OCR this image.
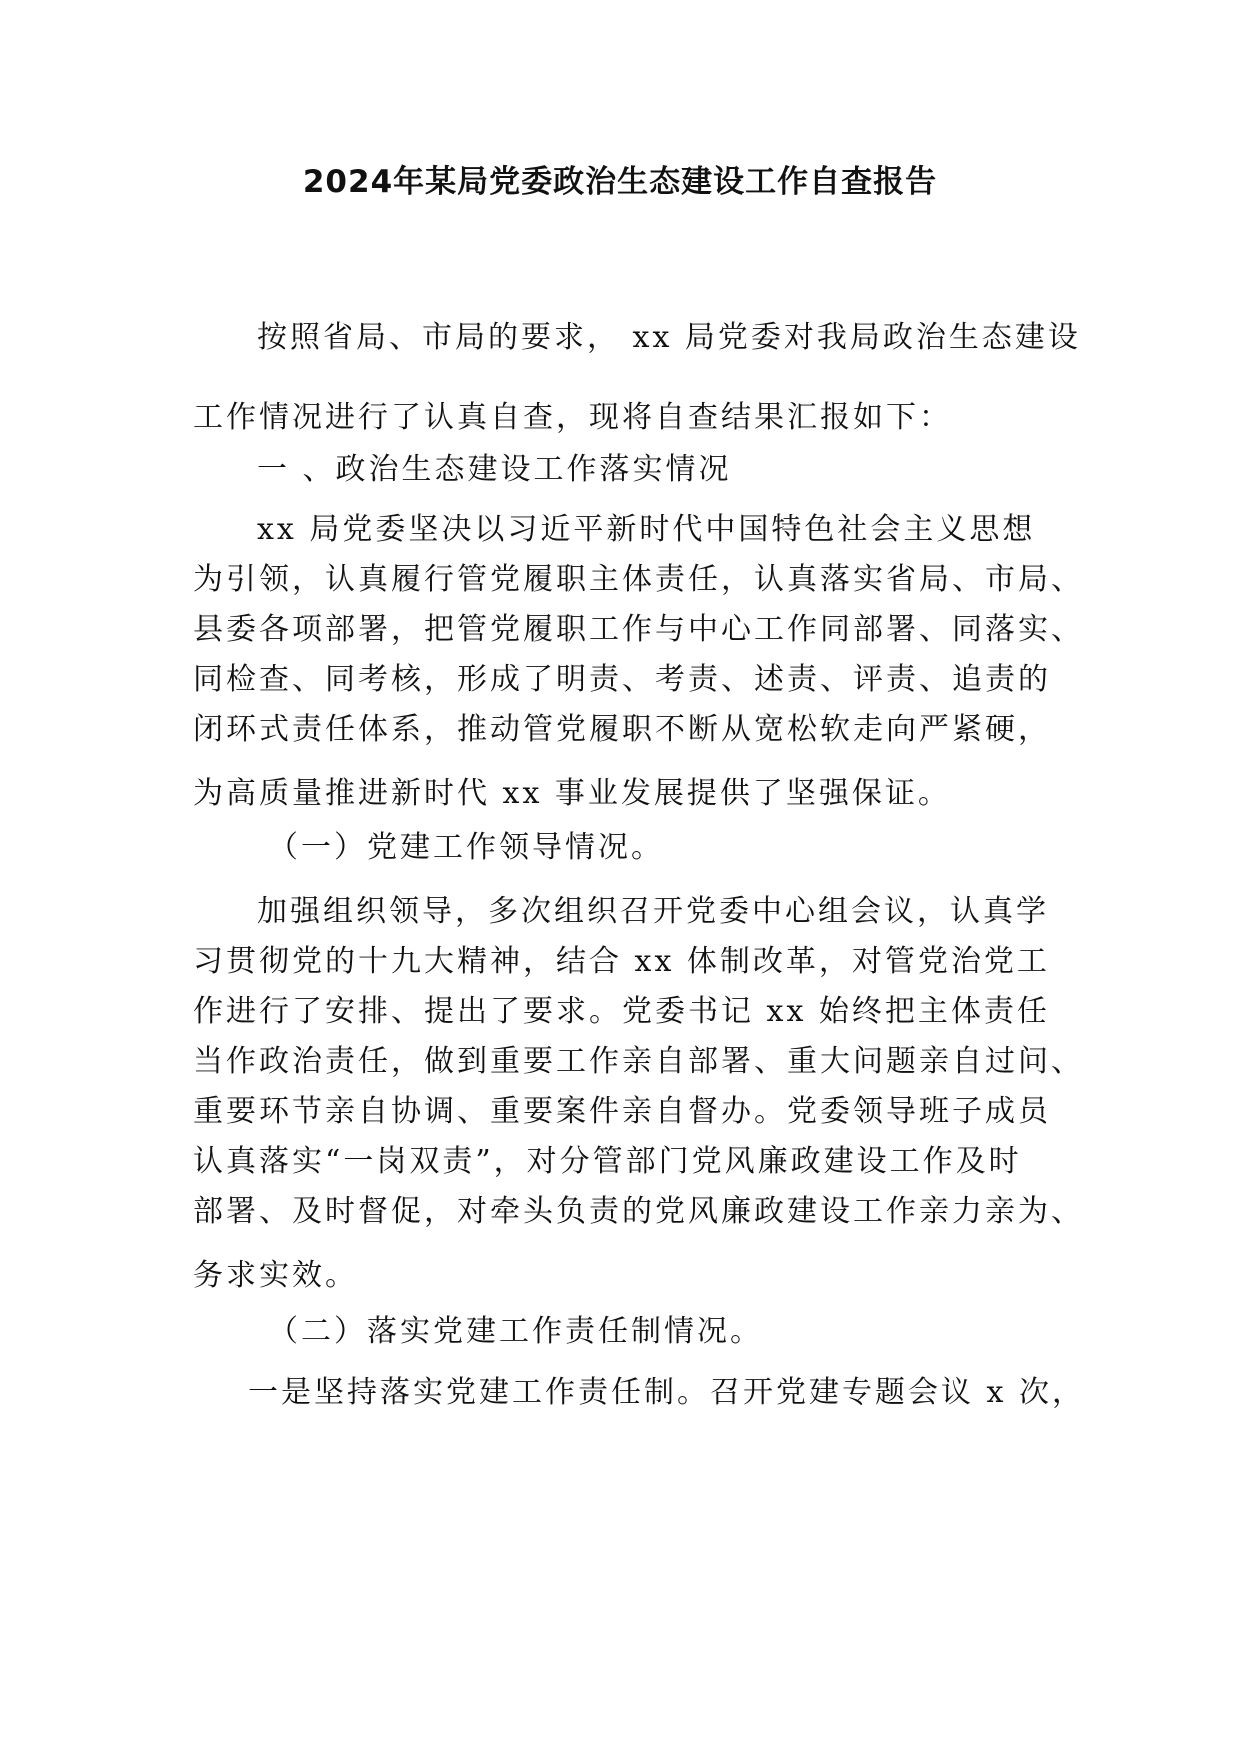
2024年某局党委政治生态建设工作自查报告
按照省局、市局的要求， xx 局党委对我局政治生态建设
工作情况进行了认真自查，现将自查结果汇报如下：
一 、政治生态建设工作落实情况
xx 局党委坚决以习近平新时代中国特色社会主义思想
为引领，认真履行管党履职主体责任，认真落实省局、市局、
县委各项部署，把管党履职工作与中心工作同部署、同落实、
同检查、同考核，形成了明责、考责、述责、评责、追责的
闭环式责任体系，推动管党履职不断从宽松软走向严紧硬，
为高质量推进新时代 xx 事业发展提供了坚强保证。
（一）党建工作领导情况。
加强组织领导，多次组织召开党委中心组会议，认真学
习贯彻党的十九大精神，结合 xx 体制改革，对管党治党工
作进行了安排、提出了要求。党委书记 xx 始终把主体责任
当作政治责任，做到重要工作亲自部署、重大问题亲自过问、
重要环节亲自协调、重要案件亲自督办。党委领导班子成员
认真落实“一岗双责”，对分管部门党风廉政建设工作及时
部署、及时督促，对牵头负责的党风廉政建设工作亲力亲为、
务求实效。
（二）落实党建工作责任制情况。
一是坚持落实党建工作责任制。召开党建专题会议 x 次，
